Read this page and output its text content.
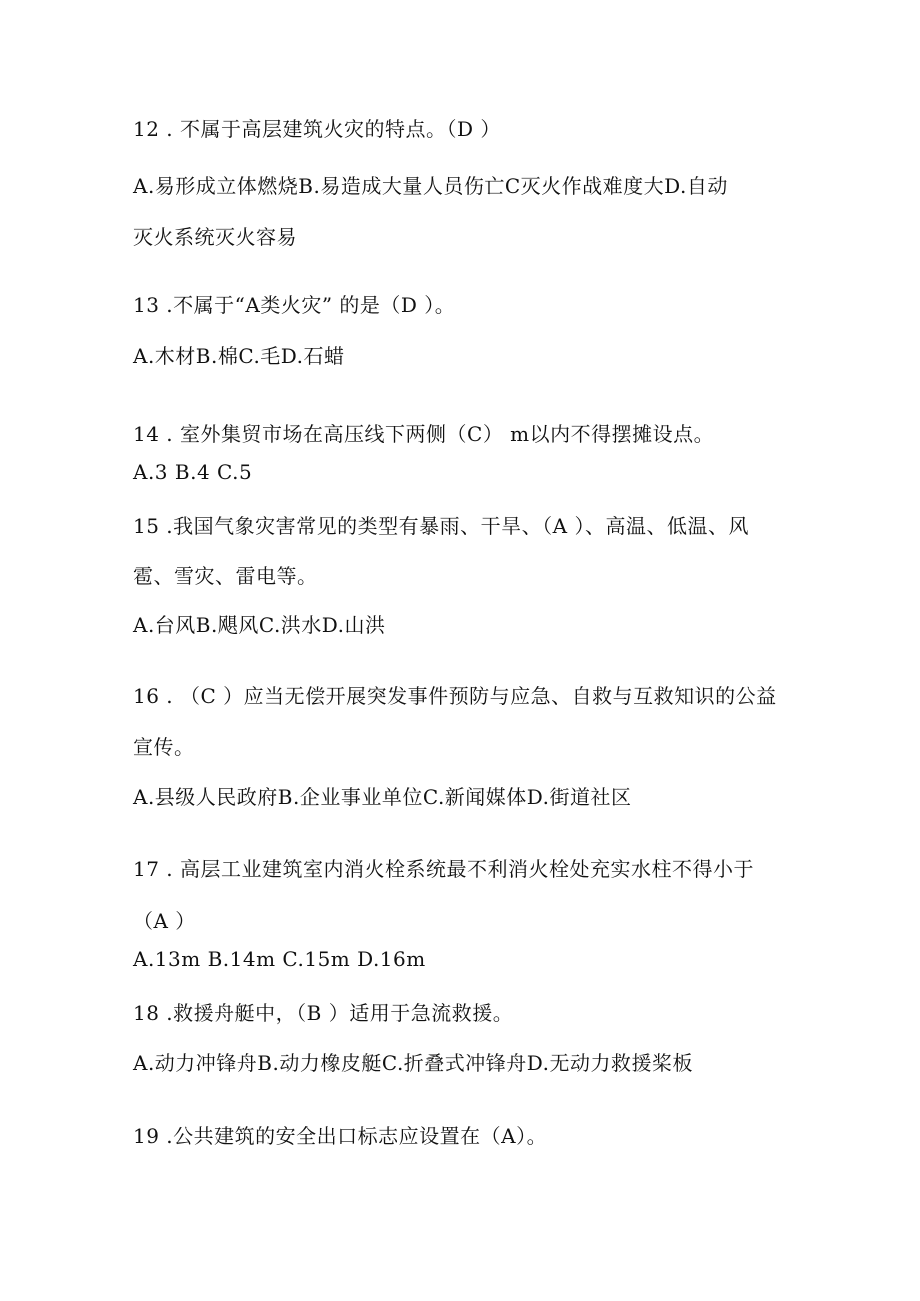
12 . 不属于高层建筑火灾的特点。（D ）
A.易形成立体燃烧B.易造成大量人员伤亡C灭火作战难度大D.自动
灭火系统灭火容易
13 .不属于“A类火灾” 的是（D ）。
A.木材B.棉C.毛D.石蜡
14 . 室外集贸市场在高压线下两侧（C） m以内不得摆摊设点。
A.3 B.4 C.5
15 .我国气象灾害常见的类型有暴雨、干旱、（A ）、高温、低温、风
雹、雪灾、雷电等。
A.台风B.飓风C.洪水D.山洪
16 . （C ）应当无偿开展突发事件预防与应急、自救与互救知识的公益
宣传。
A.县级人民政府B.企业事业单位C.新闻媒体D.街道社区
17 . 高层工业建筑室内消火栓系统最不利消火栓处充实水柱不得小于
（A ）
A.13m B.14m C.15m D.16m
18 .救援舟艇中，（B ）适用于急流救援。
A.动力冲锋舟B.动力橡皮艇C.折叠式冲锋舟D.无动力救援桨板
19 .公共建筑的安全出口标志应设置在（A）。
